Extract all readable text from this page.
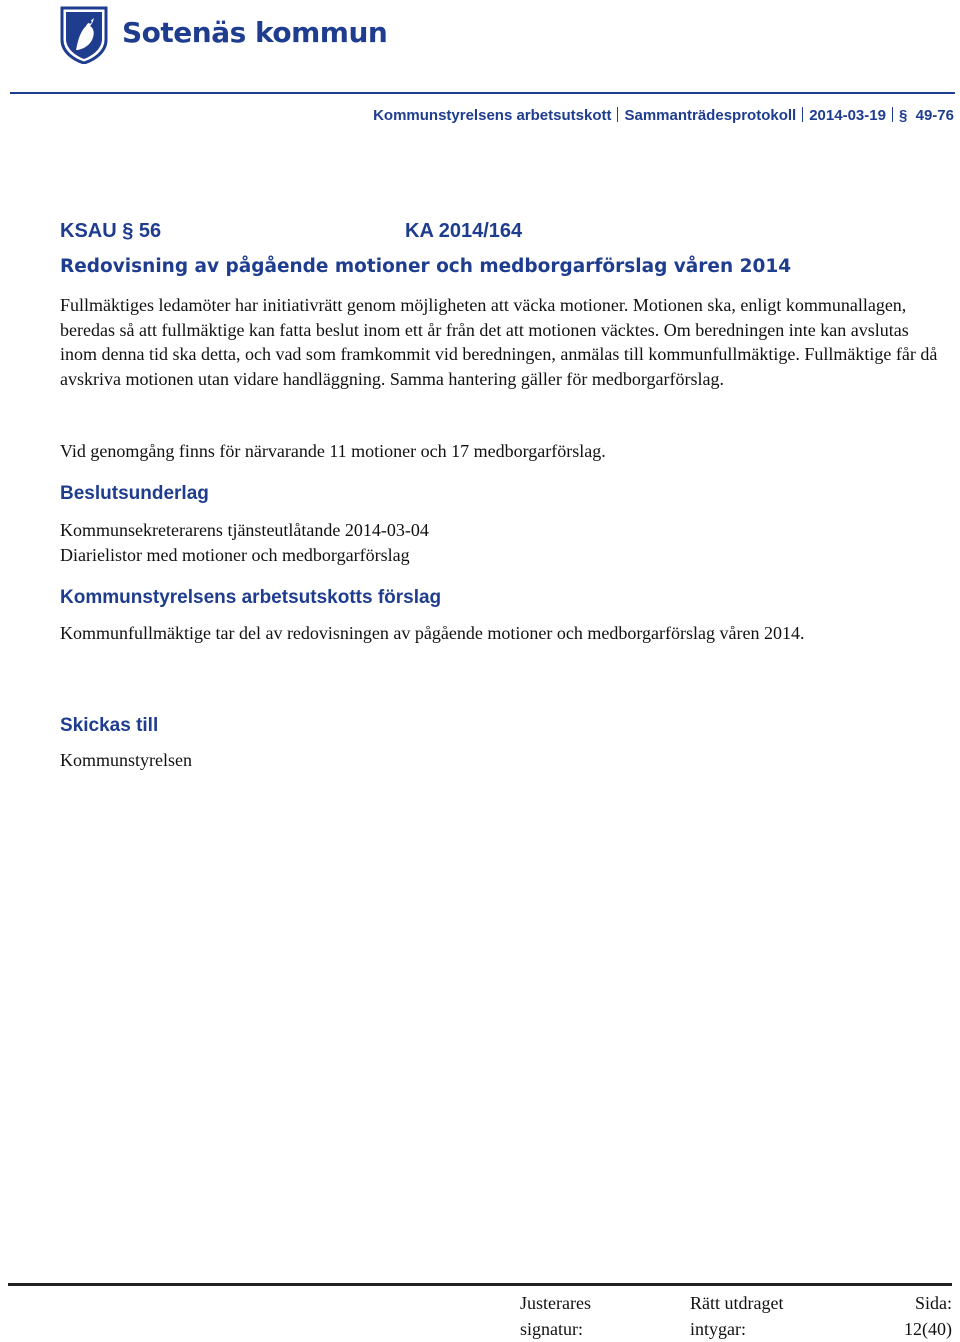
Sotenäs kommun
Kommunstyrelsens arbetsutskott Sammanträdesprotokoll 2014-03-19 § 49-76
KSAU § 56	KA 2014/164
Redovisning av pågående motioner och medborgarförslag våren 2014
Fullmäktiges ledamöter har initiativrätt genom möjligheten att väcka motioner. Motionen ska, enligt kommunallagen, beredas så att fullmäktige kan fatta beslut inom ett år från det att motionen väcktes. Om beredningen inte kan avslutas inom denna tid ska detta, och vad som framkommit vid beredningen, anmälas till kommunfullmäktige. Fullmäktige får då avskriva motionen utan vidare handläggning. Samma hantering gäller för medborgarförslag.
Vid genomgång finns för närvarande 11 motioner och 17 medborgarförslag.
Beslutsunderlag
Kommunsekreterarens tjänsteutlåtande 2014-03-04
Diarielistor med motioner och medborgarförslag
Kommunstyrelsens arbetsutskotts förslag
Kommunfullmäktige tar del av redovisningen av pågående motioner och medborgarförslag våren 2014.
Skickas till
Kommunstyrelsen
Justerares
signatur:
Rätt utdraget
intygar:
Sida:
12(40)
